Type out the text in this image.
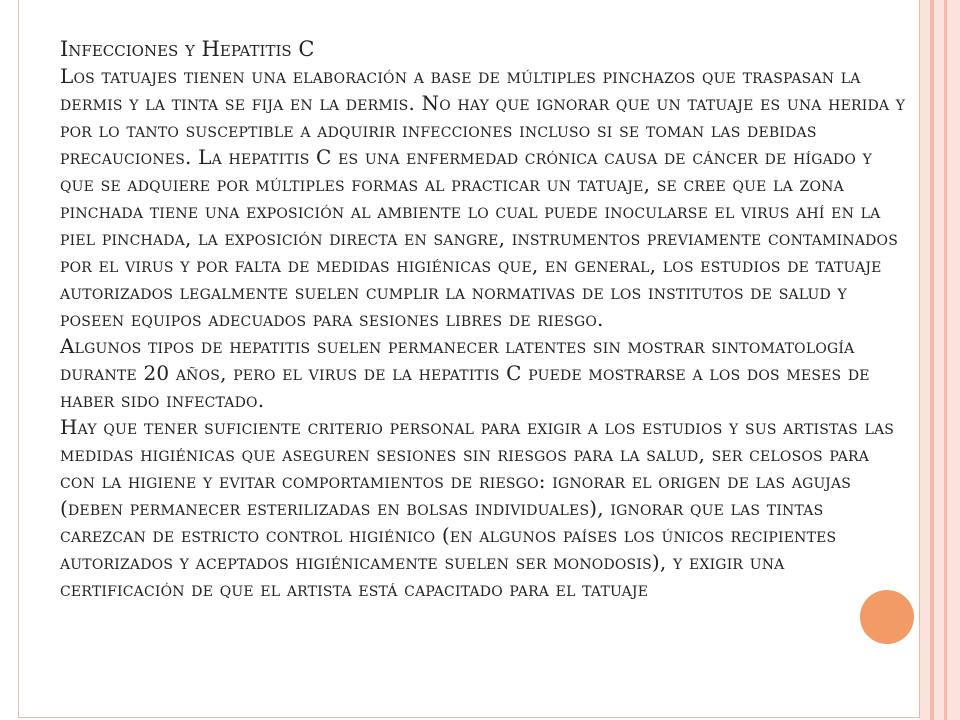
Infecciones y Hepatitis C

Los tatuajes tienen una elaboración a base de múltiples pinchazos que traspasan la dermis y la tinta se fija en la dermis. No hay que ignorar que un tatuaje es una herida y por lo tanto susceptible a adquirir infecciones incluso si se toman las debidas precauciones. La hepatitis C es una enfermedad crónica causa de cáncer de hígado y que se adquiere por múltiples formas al practicar un tatuaje, se cree que la zona pinchada tiene una exposición al ambiente lo cual puede inocularse el virus ahí en la piel pinchada, la exposición directa en sangre, instrumentos previamente contaminados por el virus y por falta de medidas higiénicas que, en general, los estudios de tatuaje autorizados legalmente suelen cumplir la normativas de los institutos de salud y poseen equipos adecuados para sesiones libres de riesgo.

Algunos tipos de hepatitis suelen permanecer latentes sin mostrar sintomatología durante 20 años, pero el virus de la hepatitis C puede mostrarse a los dos meses de haber sido infectado.

Hay que tener suficiente criterio personal para exigir a los estudios y sus artistas las medidas higiénicas que aseguren sesiones sin riesgos para la salud, ser celosos para con la higiene y evitar comportamientos de riesgo: ignorar el origen de las agujas (deben permanecer esterilizadas en bolsas individuales), ignorar que las tintas carezcan de estricto control higiénico (en algunos países los únicos recipientes autorizados y aceptados higiénicamente suelen ser monodosis), y exigir una certificación de que el artista está capacitado para el tatuaje
